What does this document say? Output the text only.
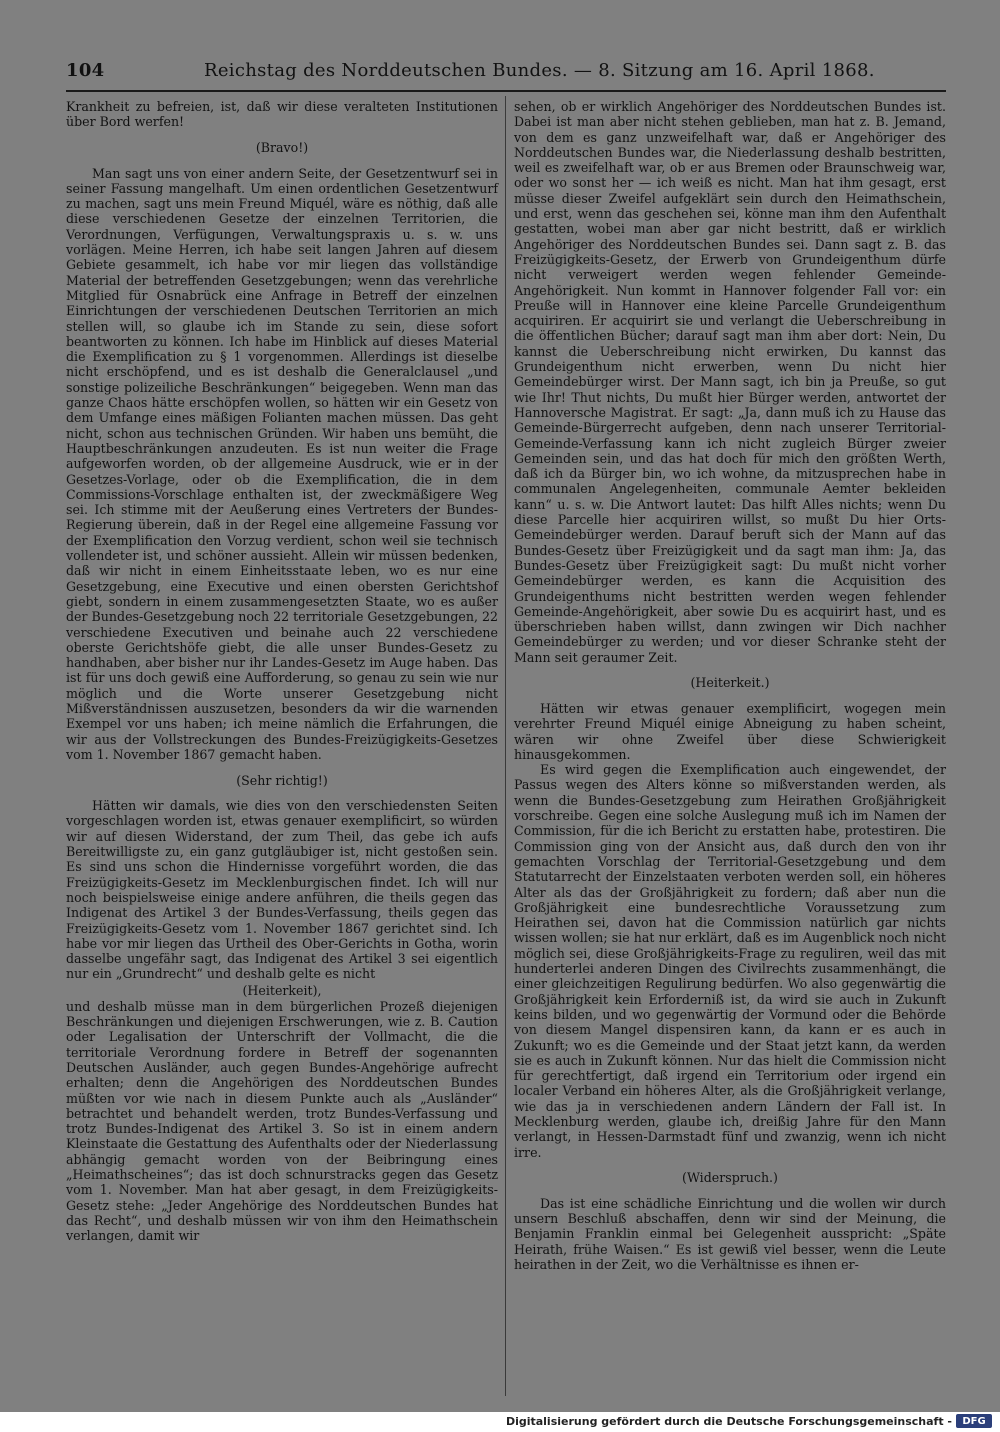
104	Reichstag des Norddeutschen Bundes. — 8. Sitzung am 16. April 1868.

Krankheit zu befreien, ist, daß wir diese veralteten Institutionen über Bord werfen!

(Bravo!)

Man sagt uns von einer andern Seite, der Gesetzentwurf sei in seiner Fassung mangelhaft. Um einen ordentlichen Gesetzentwurf zu machen, sagt uns mein Freund Miquél, wäre es nöthig, daß alle diese verschiedenen Gesetze der einzelnen Territorien, die Verordnungen, Verfügungen, Verwaltungspraxis u. s. w. uns vorlägen. Meine Herren, ich habe seit langen Jahren auf diesem Gebiete gesammelt, ich habe vor mir liegen das vollständige Material der betreffenden Gesetzgebungen; wenn das verehrliche Mitglied für Osnabrück eine Anfrage in Betreff der einzelnen Einrichtungen der verschiedenen Deutschen Territorien an mich stellen will, so glaube ich im Stande zu sein, diese sofort beantworten zu können. Ich habe im Hinblick auf dieses Material die Exemplification zu § 1 vorgenommen. Allerdings ist dieselbe nicht erschöpfend, und es ist deshalb die Generalclausel „und sonstige polizeiliche Beschränkungen“ beigegeben. Wenn man das ganze Chaos hätte erschöpfen wollen, so hätten wir ein Gesetz von dem Umfange eines mäßigen Folianten machen müssen. Das geht nicht, schon aus technischen Gründen. Wir haben uns bemüht, die Hauptbeschränkungen anzudeuten. Es ist nun weiter die Frage aufgeworfen worden, ob der allgemeine Ausdruck, wie er in der Gesetzes-Vorlage, oder ob die Exemplification, die in dem Commissions-Vorschlage enthalten ist, der zweckmäßigere Weg sei. Ich stimme mit der Aeußerung eines Vertreters der Bundes-Regierung überein, daß in der Regel eine allgemeine Fassung vor der Exemplification den Vorzug verdient, schon weil sie technisch vollendeter ist, und schöner aussieht. Allein wir müssen bedenken, daß wir nicht in einem Einheitsstaate leben, wo es nur eine Gesetzgebung, eine Executive und einen obersten Gerichtshof giebt, sondern in einem zusammengesetzten Staate, wo es außer der Bundes-Gesetzgebung noch 22 territoriale Gesetzgebungen, 22 verschiedene Executiven und beinahe auch 22 verschiedene oberste Gerichtshöfe giebt, die alle unser Bundes-Gesetz zu handhaben, aber bisher nur ihr Landes-Gesetz im Auge haben. Das ist für uns doch gewiß eine Aufforderung, so genau zu sein wie nur möglich und die Worte unserer Gesetzgebung nicht Mißverständnissen auszusetzen, besonders da wir die warnenden Exempel vor uns haben; ich meine nämlich die Erfahrungen, die wir aus der Vollstreckungen des Bundes-Freizügigkeits-Gesetzes vom 1. November 1867 gemacht haben.

(Sehr richtig!)

Hätten wir damals, wie dies von den verschiedensten Seiten vorgeschlagen worden ist, etwas genauer exemplificirt, so würden wir auf diesen Widerstand, der zum Theil, das gebe ich aufs Bereitwilligste zu, ein ganz gutgläubiger ist, nicht gestoßen sein. Es sind uns schon die Hindernisse vorgeführt worden, die das Freizügigkeits-Gesetz im Mecklenburgischen findet. Ich will nur noch beispielsweise einige andere anführen, die theils gegen das Indigenat des Artikel 3 der Bundes-Verfassung, theils gegen das Freizügigkeits-Gesetz vom 1. November 1867 gerichtet sind. Ich habe vor mir liegen das Urtheil des Ober-Gerichts in Gotha, worin dasselbe ungefähr sagt, das Indigenat des Artikel 3 sei eigentlich nur ein „Grundrecht“ und deshalb gelte es nicht

(Heiterkeit),

und deshalb müsse man in dem bürgerlichen Prozeß diejenigen Beschränkungen und diejenigen Erschwerungen, wie z. B. Caution oder Legalisation der Unterschrift der Vollmacht, die die territoriale Verordnung fordere in Betreff der sogenannten Deutschen Ausländer, auch gegen Bundes-Angehörige aufrecht erhalten; denn die Angehörigen des Norddeutschen Bundes müßten vor wie nach in diesem Punkte auch als „Ausländer“ betrachtet und behandelt werden, trotz Bundes-Verfassung und trotz Bundes-Indigenat des Artikel 3. So ist in einem andern Kleinstaate die Gestattung des Aufenthalts oder der Niederlassung abhängig gemacht worden von der Beibringung eines „Heimathscheines“; das ist doch schnurstracks gegen das Gesetz vom 1. November. Man hat aber gesagt, in dem Freizügigkeits-Gesetz stehe: „Jeder Angehörige des Norddeutschen Bundes hat das Recht“, und deshalb müssen wir von ihm den Heimathschein verlangen, damit wir

sehen, ob er wirklich Angehöriger des Norddeutschen Bundes ist. Dabei ist man aber nicht stehen geblieben, man hat z. B. Jemand, von dem es ganz unzweifelhaft war, daß er Angehöriger des Norddeutschen Bundes war, die Niederlassung deshalb bestritten, weil es zweifelhaft war, ob er aus Bremen oder Braunschweig war, oder wo sonst her — ich weiß es nicht. Man hat ihm gesagt, erst müsse dieser Zweifel aufgeklärt sein durch den Heimathschein, und erst, wenn das geschehen sei, könne man ihm den Aufenthalt gestatten, wobei man aber gar nicht bestritt, daß er wirklich Angehöriger des Norddeutschen Bundes sei. Dann sagt z. B. das Freizügigkeits-Gesetz, der Erwerb von Grundeigenthum dürfe nicht verweigert werden wegen fehlender Gemeinde-Angehörigkeit. Nun kommt in Hannover folgender Fall vor: ein Preuße will in Hannover eine kleine Parcelle Grundeigenthum acquiriren. Er acquirirt sie und verlangt die Ueberschreibung in die öffentlichen Bücher; darauf sagt man ihm aber dort: Nein, Du kannst die Ueberschreibung nicht erwirken, Du kannst das Grundeigenthum nicht erwerben, wenn Du nicht hier Gemeindebürger wirst. Der Mann sagt, ich bin ja Preuße, so gut wie Ihr! Thut nichts, Du mußt hier Bürger werden, antwortet der Hannoversche Magistrat. Er sagt: „Ja, dann muß ich zu Hause das Gemeinde-Bürgerrecht aufgeben, denn nach unserer Territorial-Gemeinde-Verfassung kann ich nicht zugleich Bürger zweier Gemeinden sein, und das hat doch für mich den größten Werth, daß ich da Bürger bin, wo ich wohne, da mitzusprechen habe in communalen Angelegenheiten, communale Aemter bekleiden kann“ u. s. w. Die Antwort lautet: Das hilft Alles nichts; wenn Du diese Parcelle hier acquiriren willst, so mußt Du hier Orts-Gemeindebürger werden. Darauf beruft sich der Mann auf das Bundes-Gesetz über Freizügigkeit und da sagt man ihm: Ja, das Bundes-Gesetz über Freizügigkeit sagt: Du mußt nicht vorher Gemeindebürger werden, es kann die Acquisition des Grundeigenthums nicht bestritten werden wegen fehlender Gemeinde-Angehörigkeit, aber sowie Du es acquirirt hast, und es überschrieben haben willst, dann zwingen wir Dich nachher Gemeindebürger zu werden; und vor dieser Schranke steht der Mann seit geraumer Zeit.

(Heiterkeit.)

Hätten wir etwas genauer exemplificirt, wogegen mein verehrter Freund Miquél einige Abneigung zu haben scheint, wären wir ohne Zweifel über diese Schwierigkeit hinausgekommen.

Es wird gegen die Exemplification auch eingewendet, der Passus wegen des Alters könne so mißverstanden werden, als wenn die Bundes-Gesetzgebung zum Heirathen Großjährigkeit vorschreibe. Gegen eine solche Auslegung muß ich im Namen der Commission, für die ich Bericht zu erstatten habe, protestiren. Die Commission ging von der Ansicht aus, daß durch den von ihr gemachten Vorschlag der Territorial-Gesetzgebung und dem Statutarrecht der Einzelstaaten verboten werden soll, ein höheres Alter als das der Großjährigkeit zu fordern; daß aber nun die Großjährigkeit eine bundesrechtliche Voraussetzung zum Heirathen sei, davon hat die Commission natürlich gar nichts wissen wollen; sie hat nur erklärt, daß es im Augenblick noch nicht möglich sei, diese Großjährigkeits-Frage zu reguliren, weil das mit hunderterlei anderen Dingen des Civilrechts zusammenhängt, die einer gleichzeitigen Regulirung bedürfen. Wo also gegenwärtig die Großjährigkeit kein Erforderniß ist, da wird sie auch in Zukunft keins bilden, und wo gegenwärtig der Vormund oder die Behörde von diesem Mangel dispensiren kann, da kann er es auch in Zukunft; wo es die Gemeinde und der Staat jetzt kann, da werden sie es auch in Zukunft können. Nur das hielt die Commission nicht für gerechtfertigt, daß irgend ein Territorium oder irgend ein localer Verband ein höheres Alter, als die Großjährigkeit verlange, wie das ja in verschiedenen andern Ländern der Fall ist. In Mecklenburg werden, glaube ich, dreißig Jahre für den Mann verlangt, in Hessen-Darmstadt fünf und zwanzig, wenn ich nicht irre.

(Widerspruch.)

Das ist eine schädliche Einrichtung und die wollen wir durch unsern Beschluß abschaffen, denn wir sind der Meinung, die Benjamin Franklin einmal bei Gelegenheit ausspricht: „Späte Heirath, frühe Waisen.“ Es ist gewiß viel besser, wenn die Leute heirathen in der Zeit, wo die Verhältnisse es ihnen er-

Digitalisierung gefördert durch die Deutsche Forschungsgemeinschaft -	DFG
